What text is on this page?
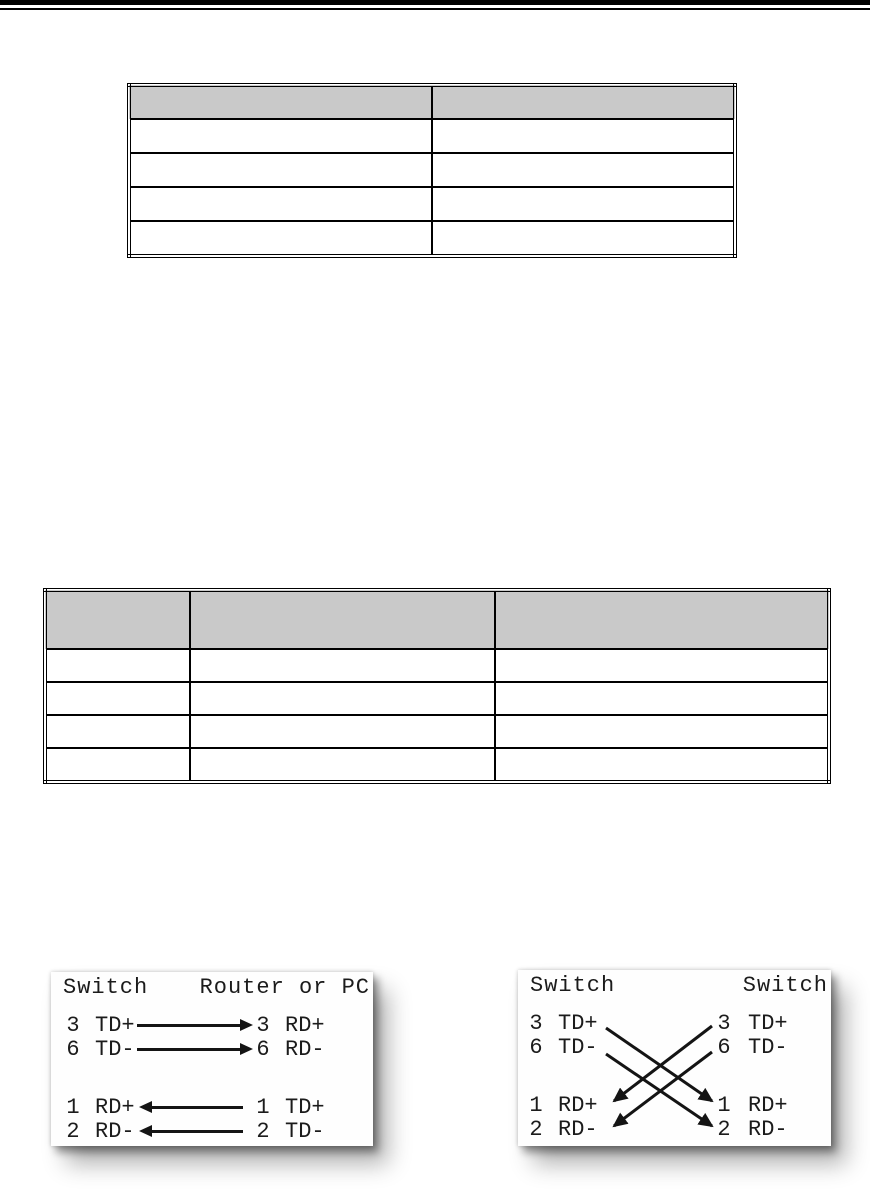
Switch Router or PC
3 TD+	3 RD+
6 TD-	6 RD-
1 RD+	1 TD+
2 RD-	2 TD-
Switch	Switch
3 TD+	3 TD+
6 TD-	6 TD-
1 RD+	1 RD+
2 RD-	2 RD-
